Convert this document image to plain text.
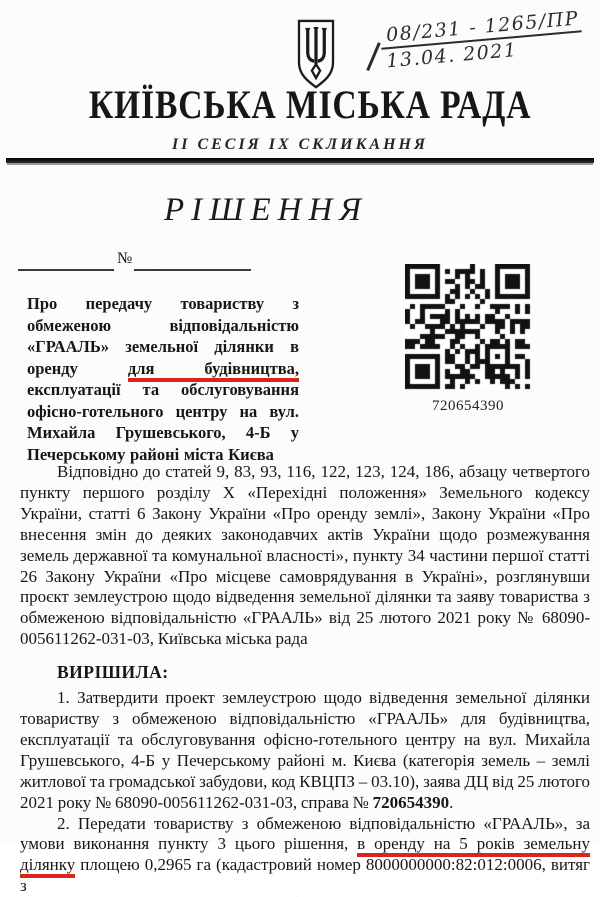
08/231 - 1265/ПР
13.04. 2021
КИЇВСЬКА МІСЬКА РАДА
ІІ СЕСІЯ ІХ СКЛИКАННЯ
РІШЕННЯ
№
720654390
Про передачу товариству з обмеженою відповідальністю «ГРААЛЬ» земельної ділянки в оренду для будівництва, експлуатації та обслуговування офісно-готельного центру на вул. Михайла Грушевського, 4-Б у Печерському районі міста Києва

Відповідно до статей 9, 83, 93, 116, 122, 123, 124, 186, абзацу четвертого пункту першого розділу X «Перехідні положення» Земельного кодексу України, статті 6 Закону України «Про оренду землі», Закону України «Про внесення змін до деяких законодавчих актів України щодо розмежування земель державної та комунальної власності», пункту 34 частини першої статті 26 Закону України «Про місцеве самоврядування в Україні», розглянувши проєкт землеустрою щодо відведення земельної ділянки та заяву товариства з обмеженою відповідальністю «ГРААЛЬ» від 25 лютого 2021 року № 68090-005611262-031-03, Київська міська рада

ВИРІШИЛА:

1. Затвердити проект землеустрою щодо відведення земельної ділянки товариству з обмеженою відповідальністю «ГРААЛЬ» для будівництва, експлуатації та обслуговування офісно-готельного центру на вул. Михайла Грушевського, 4-Б у Печерському районі м. Києва (категорія земель – землі житлової та громадської забудови, код КВЦПЗ – 03.10), заява ДЦ від 25 лютого 2021 року № 68090-005611262-031-03, справа № 720654390.

2. Передати товариству з обмеженою відповідальністю «ГРААЛЬ», за умови виконання пункту 3 цього рішення, в оренду на 5 років земельну ділянку площею 0,2965 га (кадастровий номер 8000000000:82:012:0006, витяг з
